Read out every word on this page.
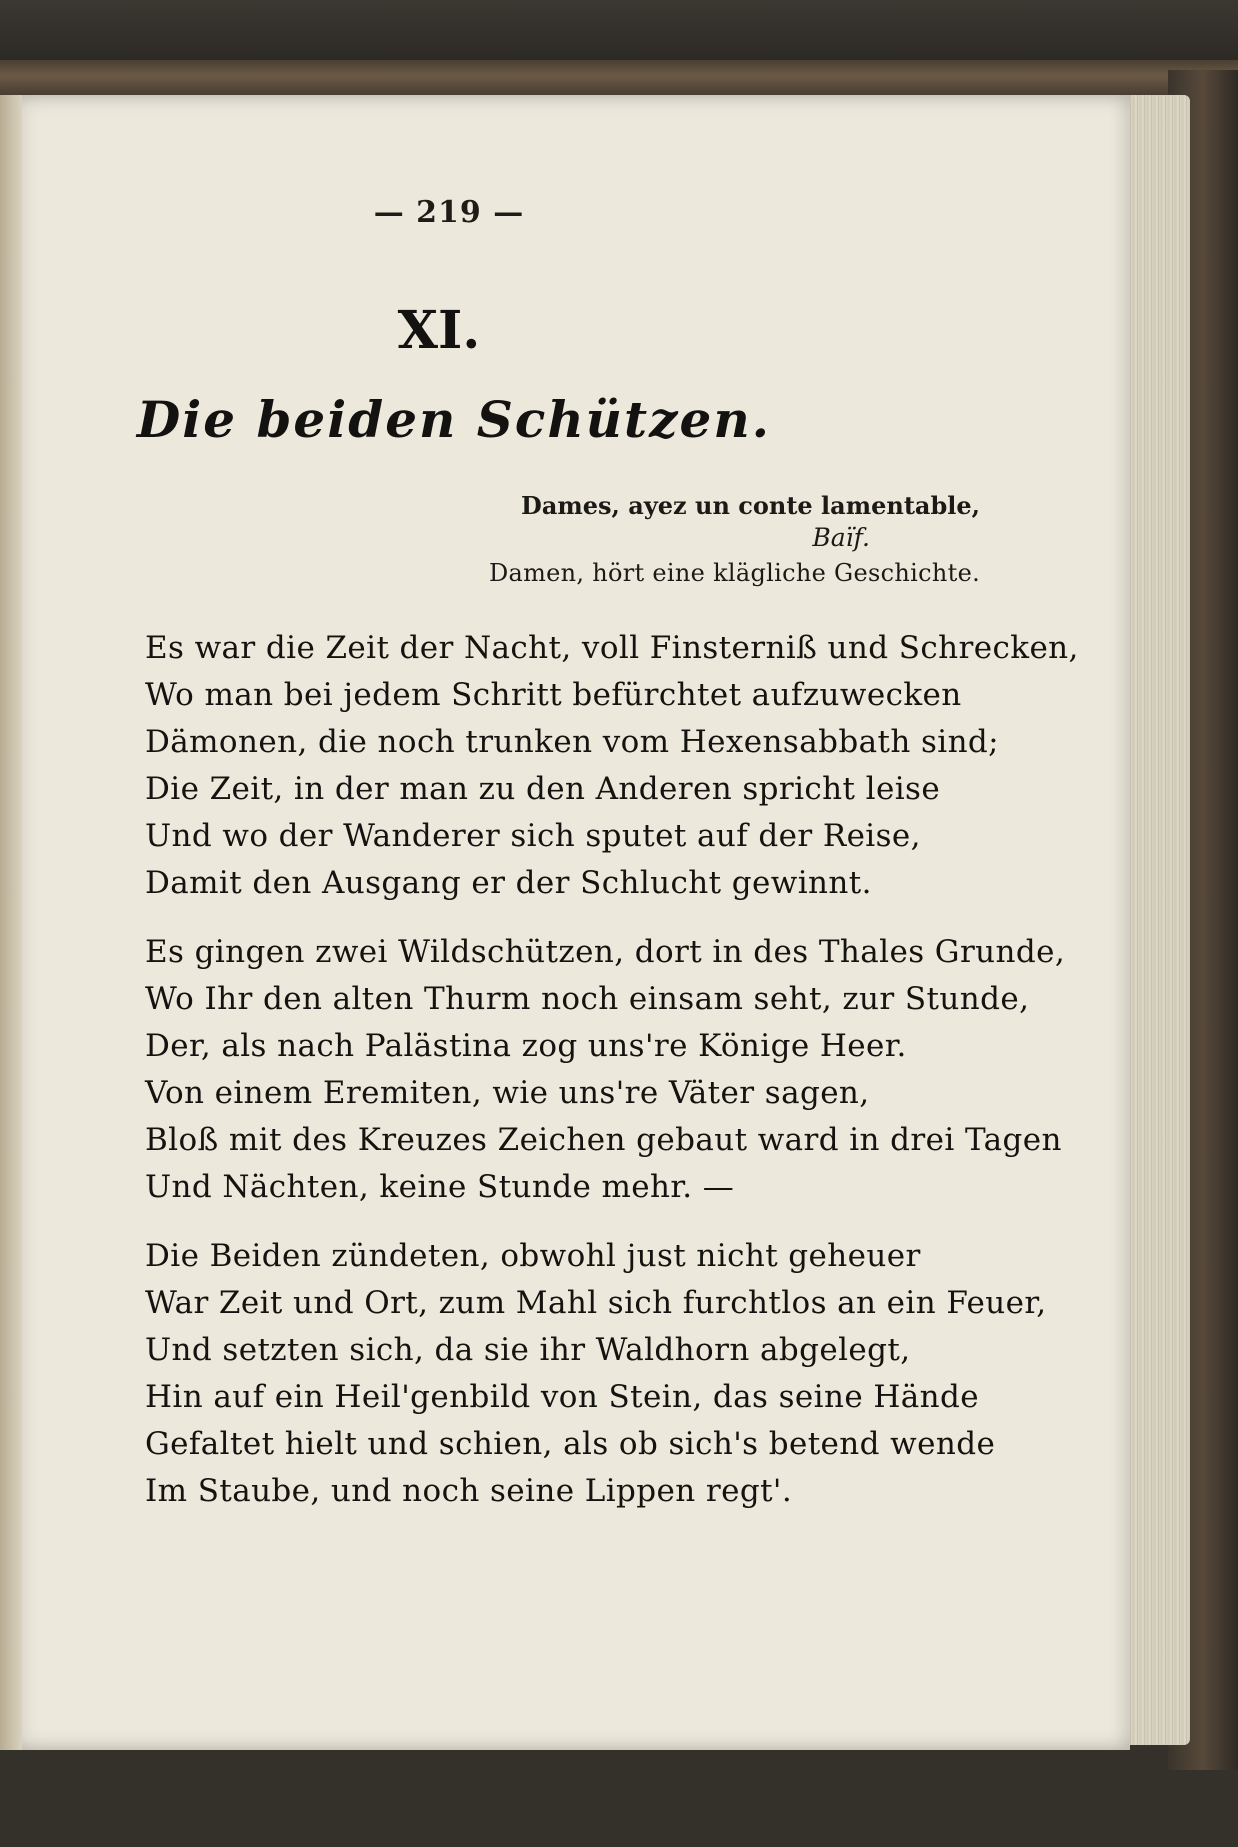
— 219 —
XI.
Die beiden Schützen.
Dames, ayez un conte lamentable,
Baïf.
Damen, hört eine klägliche Geschichte.
Es war die Zeit der Nacht, voll Finsterniß und Schrecken,
Wo man bei jedem Schritt befürchtet aufzuwecken
Dämonen, die noch trunken vom Hexensabbath sind;
Die Zeit, in der man zu den Anderen spricht leise
Und wo der Wanderer sich sputet auf der Reise,
Damit den Ausgang er der Schlucht gewinnt.
Es gingen zwei Wildschützen, dort in des Thales Grunde,
Wo Ihr den alten Thurm noch einsam seht, zur Stunde,
Der, als nach Palästina zog uns're Könige Heer.
Von einem Eremiten, wie uns're Väter sagen,
Bloß mit des Kreuzes Zeichen gebaut ward in drei Tagen
Und Nächten, keine Stunde mehr. —
Die Beiden zündeten, obwohl just nicht geheuer
War Zeit und Ort, zum Mahl sich furchtlos an ein Feuer,
Und setzten sich, da sie ihr Waldhorn abgelegt,
Hin auf ein Heil'genbild von Stein, das seine Hände
Gefaltet hielt und schien, als ob sich's betend wende
Im Staube, und noch seine Lippen regt'.
